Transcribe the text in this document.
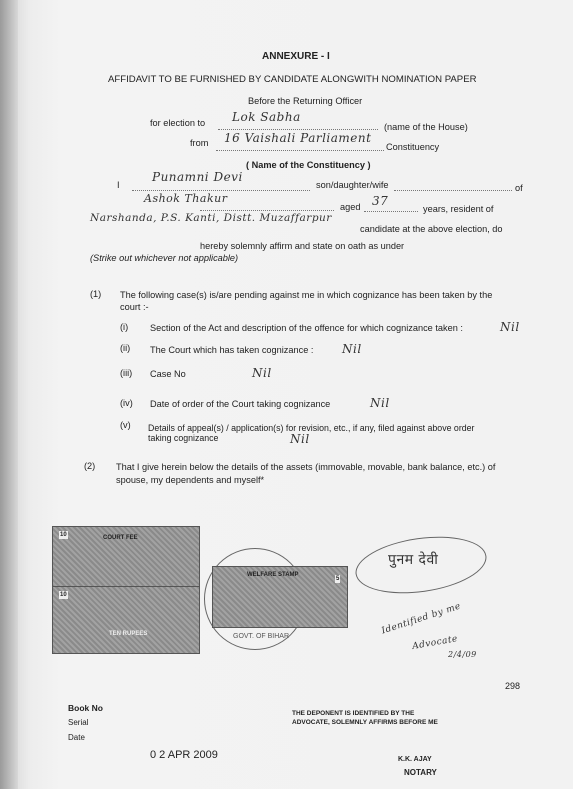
ANNEXURE - I
AFFIDAVIT TO BE FURNISHED BY CANDIDATE ALONGWITH NOMINATION PAPER
Before the Returning Officer
for election to Lok Sabha
(name of the House)
from 16 Vaishali Parliament
Constituency
( Name of the Constituency )
I
Punamni Devi
son/daughter/wife	of
Ashok Thakur
aged 37
years, resident of
Narshanda, P.S. Kanti, Distt. Muzaffarpur
candidate at the above election, do
hereby solemnly affirm and state on oath as under
(Strike out whichever not applicable)
(1) The following case(s) is/are pending against me in which cognizance has been taken by the
court :-
(i) Section of the Act and description of the offence for which cognizance taken :	Nil
(ii) The Court which has taken cognizance : Nil
(iii) Case No	Nil
(iv) Date of order of the Court taking cognizance	Nil
(v) Details of appeal(s) / application(s) for revision, etc., if any, filed against above order
taking cognizance	Nil
(2) That I give herein below the details of the assets (immovable, movable, bank balance, etc.) of
spouse, my dependents and myself*
10	COURT FEE
10
TEN RUPEES	GOVT. OF BIHAR
WELFARE STAMP
5
पुनम देवी
Identified by me
Advocate
2/4/09
298
Book No
Serial
Date
0 2 APR 2009
THE DEPONENT IS IDENTIFIED BY THE
ADVOCATE, SOLEMNLY AFFIRMS BEFORE ME
K.K. AJAY
NOTARY
